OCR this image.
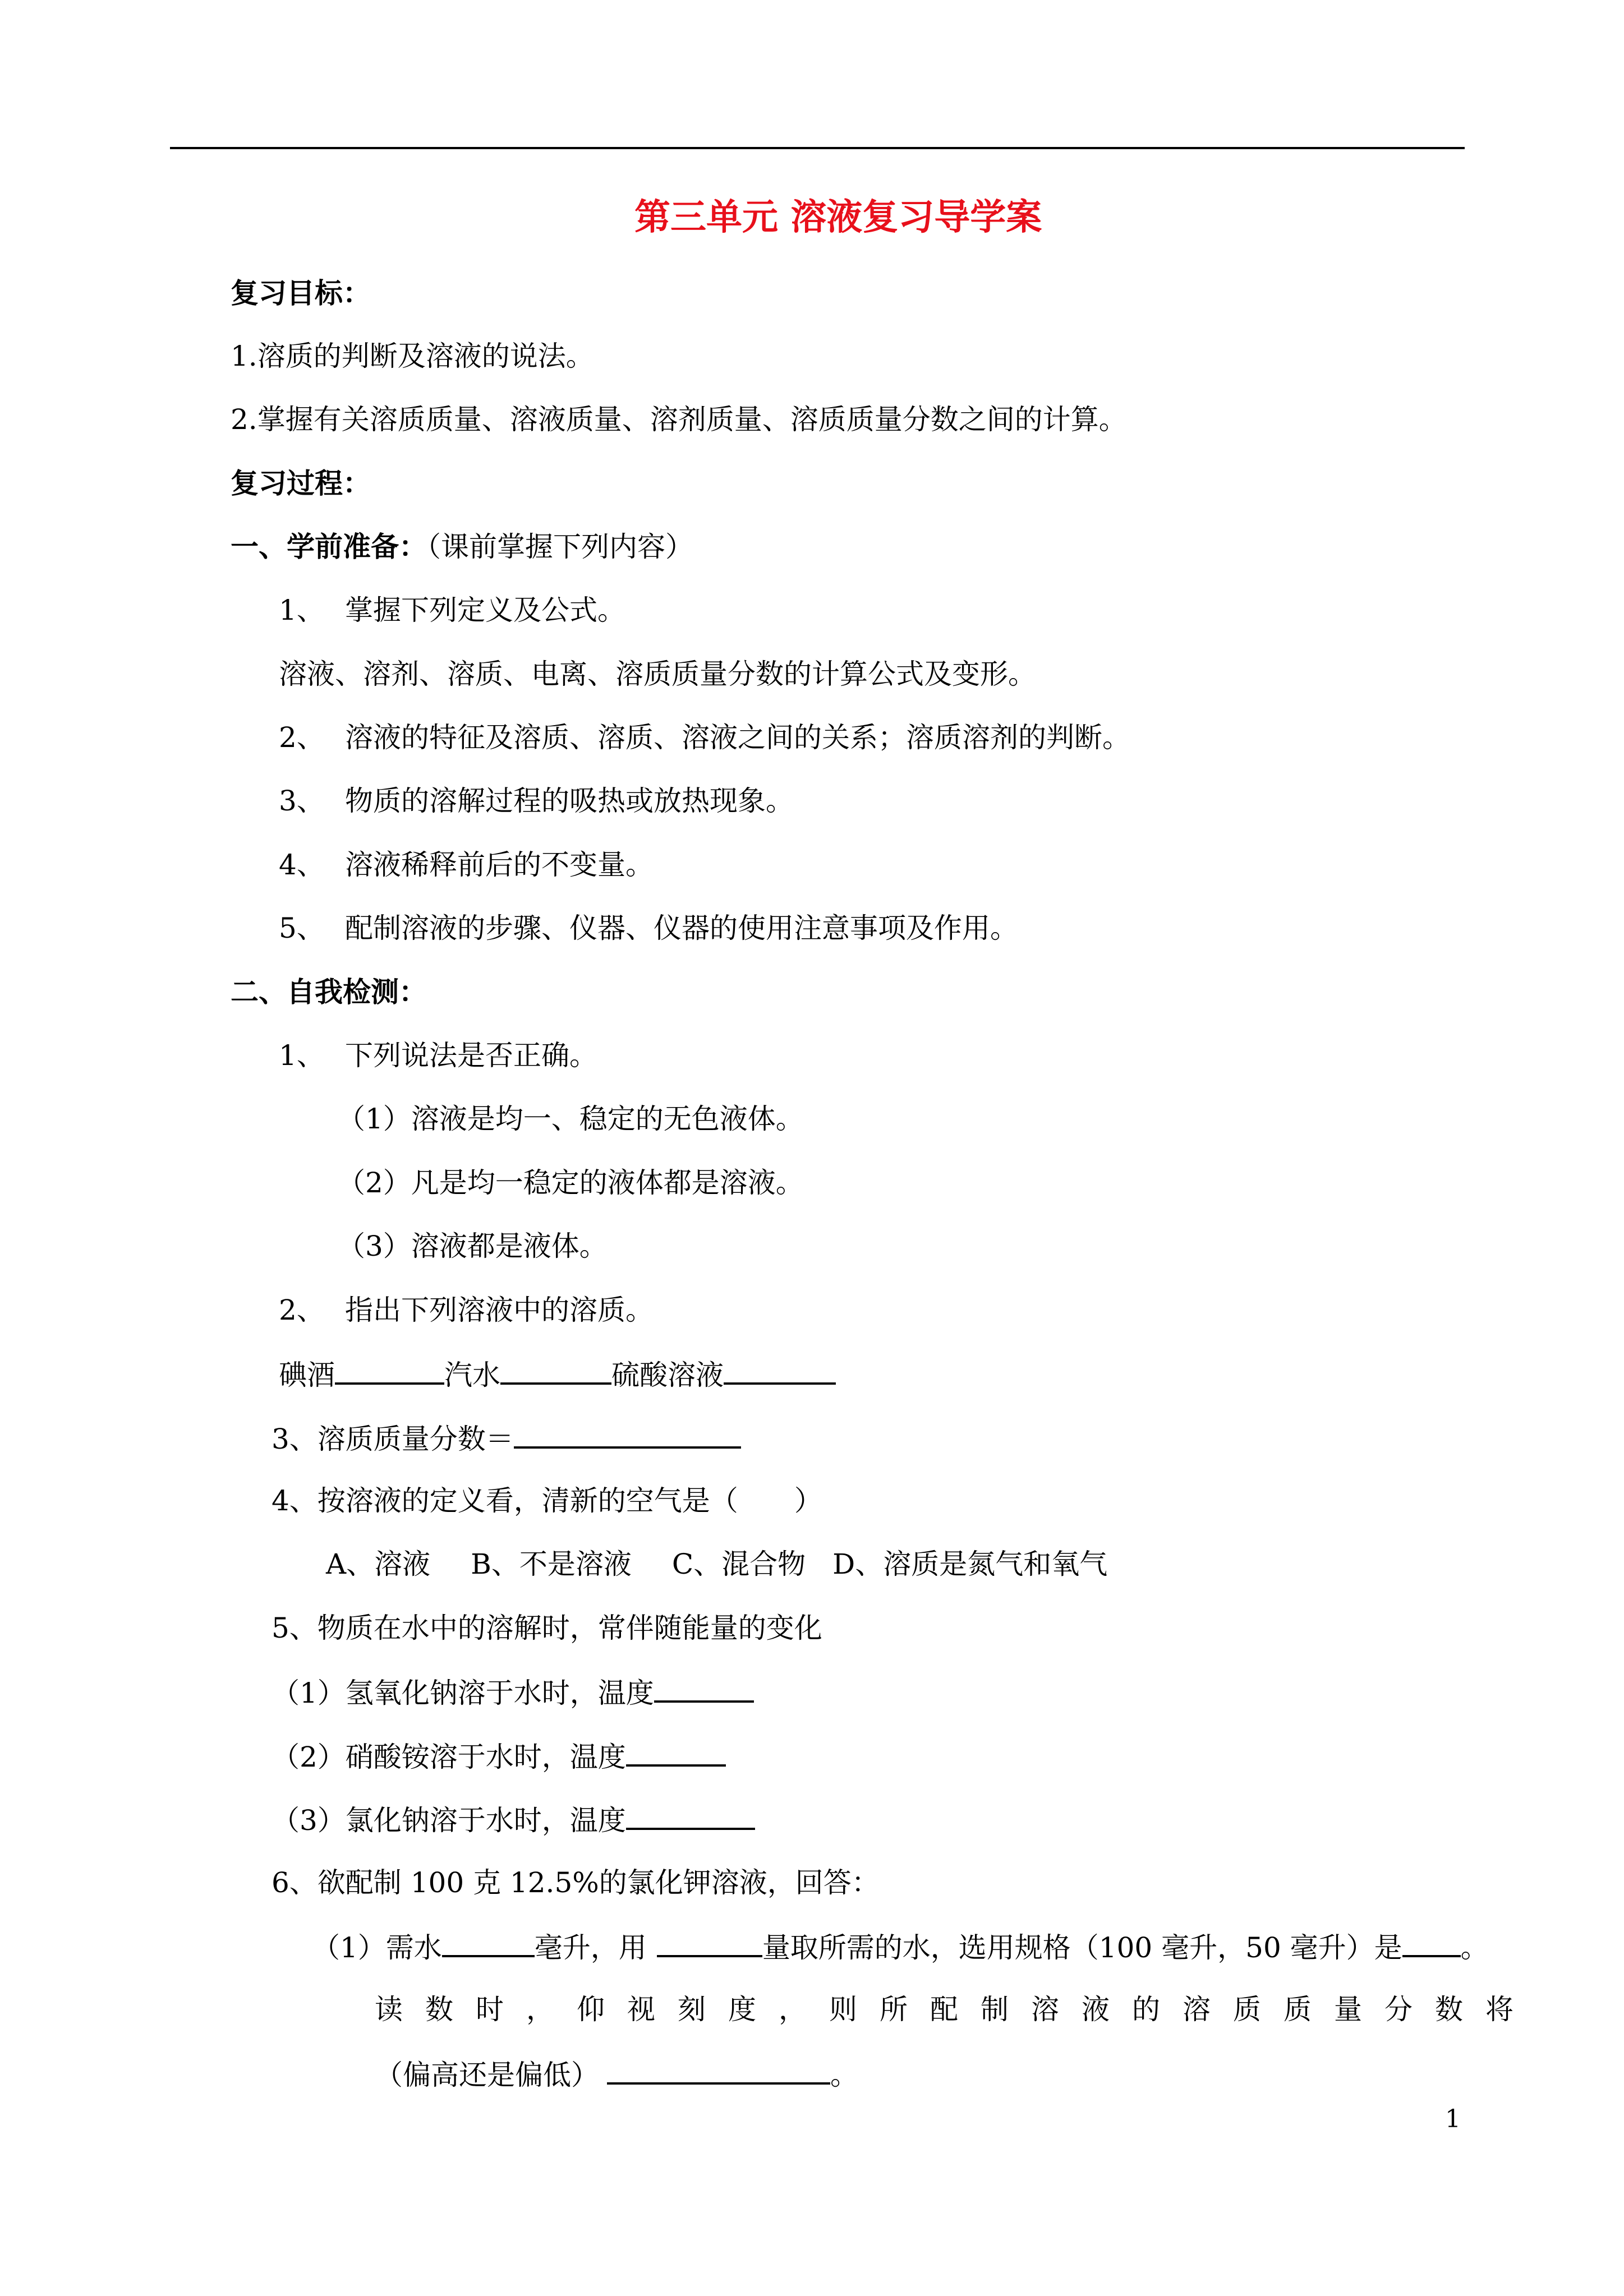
第三单元 溶液复习导学案
复习目标：
1.溶质的判断及溶液的说法。
2.掌握有关溶质质量、溶液质量、溶剂质量、溶质质量分数之间的计算。
复习过程：
一、学前准备：（课前掌握下列内容）
1、 掌握下列定义及公式。
溶液、溶剂、溶质、电离、溶质质量分数的计算公式及变形。
2、 溶液的特征及溶质、溶质、溶液之间的关系；溶质溶剂的判断。
3、 物质的溶解过程的吸热或放热现象。
4、 溶液稀释前后的不变量。
5、 配制溶液的步骤、仪器、仪器的使用注意事项及作用。
二、自我检测：
1、 下列说法是否正确。
（1）溶液是均一、稳定的无色液体。
（2）凡是均一稳定的液体都是溶液。
（3）溶液都是液体。
2、 指出下列溶液中的溶质。
碘酒	汽水	硫酸溶液
3、溶质质量分数＝
4、按溶液的定义看，清新的空气是（ ）
A、溶液 B、不是溶液 C、混合物 D、溶质是氮气和氧气
5、物质在水中的溶解时，常伴随能量的变化
（1）氢氧化钠溶于水时，温度
（2）硝酸铵溶于水时，温度
（3）氯化钠溶于水时，温度
6、欲配制 100 克 12.5%的氯化钾溶液，回答：
（1）需水	毫升，用	量取所需的水，选用规格（100 毫升，50 毫升）是 。
读数时，仰视刻度，则所配制溶液的溶质质量分数将
（偏高还是偏低）	。
1
